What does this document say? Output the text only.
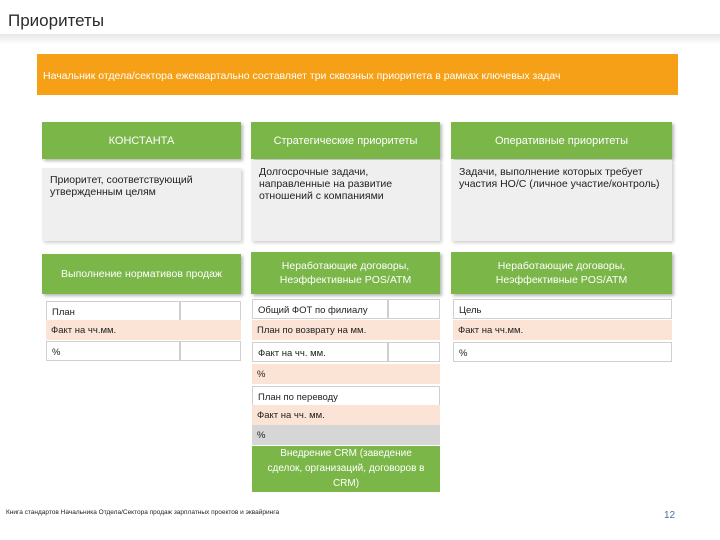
Приоритеты
Начальник отдела/сектора ежеквартально составляет три сквозных приоритета в рамках ключевых задач
КОНСТАНТА
Приоритет, соответствующий утвержденным целям
Выполнение нормативов продаж
План
Факт на чч.мм.
%
Стратегические приоритеты
Долгосрочные задачи, направленные на развитие отношений с компаниями
Неработающие договоры,
Неэффективные POS/ATM
Общий ФОТ по филиалу
План по возврату на мм.
Факт на чч. мм.
%
План по переводу
Факт на чч. мм.
%
Внедрение CRM (заведение
сделок, организаций, договоров в
CRM)
Оперативные приоритеты
Задачи, выполнение которых требует участия НО/С (личное участие/контроль)
Неработающие договоры,
Неэффективные POS/ATM
Цель
Факт на чч.мм.
%
Книга стандартов Начальника Отдела/Сектора продаж зарплатных проектов и эквайринга	12
